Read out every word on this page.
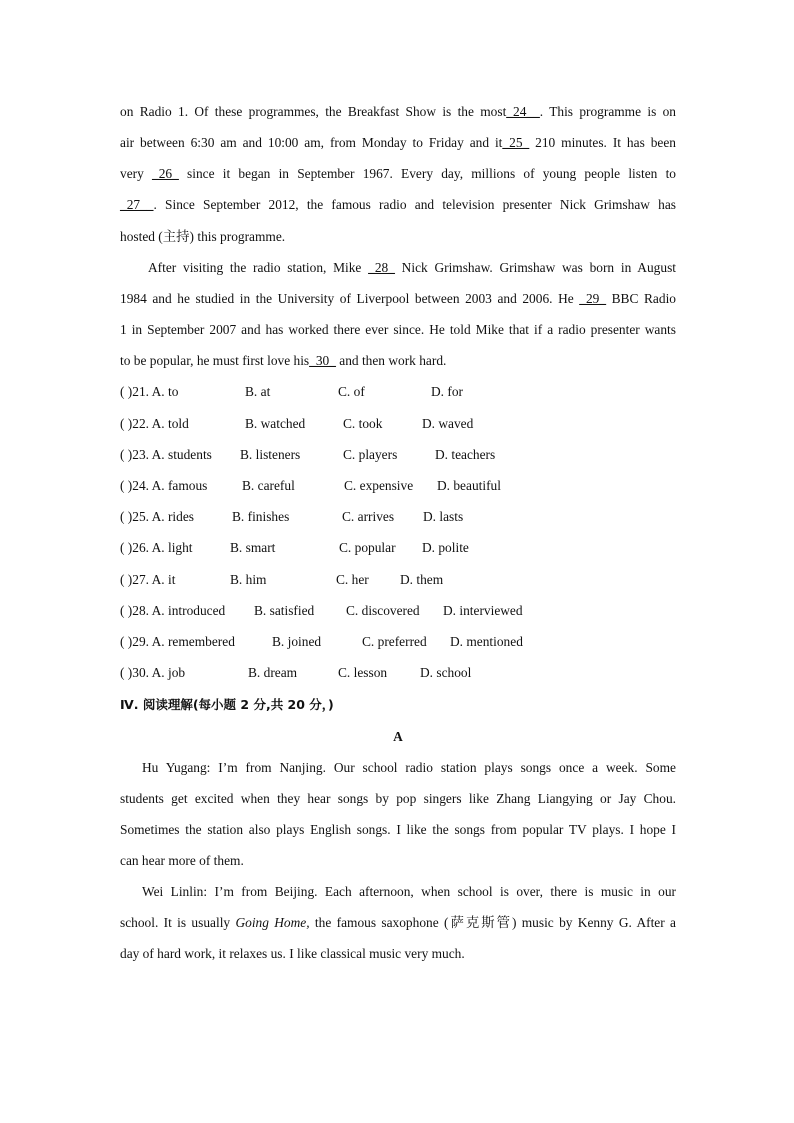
on Radio 1. Of these programmes, the Breakfast Show is the most_24__. This programme is on
air between 6:30 am and 10:00 am, from Monday to Friday and it_25_ 210 minutes. It has been
very _26_ since it began in September 1967. Every day, millions of young people listen to
_27__. Since September 2012, the famous radio and television presenter Nick Grimshaw has
hosted (主持) this programme.
After visiting the radio station, Mike _28_ Nick Grimshaw. Grimshaw was born in August
1984 and he studied in the University of Liverpool between 2003 and 2006. He _29_ BBC Radio
1 in September 2007 and has worked there ever since. He told Mike that if a radio presenter wants
to be popular, he must first love his_30_ and then work hard.
( )21. A. to	B. at	C. of	D. for
( )22. A. told	B. watched	C. took	D. waved
( )23. A. students B. listeners	C. players	D. teachers
( )24. A. famous	B. careful	C. expensive D. beautiful
( )25. A. rides	B. finishes	C. arrives D. lasts
( )26. A. light	B. smart	C. popular D. polite
( )27. A. it	B. him	C. her D. them
( )28. A. introduced B. satisfied C. discovered D. interviewed
( )29. A. remembered	B. joined	C. preferred D. mentioned
( )30. A. job	B. dream	C. lesson D. school
Ⅳ. 阅读理解(每小题 2 分,共 20 分，)
A
Hu Yugang: I’m from Nanjing. Our school radio station plays songs once a week. Some
students get excited when they hear songs by pop singers like Zhang Liangying or Jay Chou.
Sometimes the station also plays English songs. I like the songs from popular TV plays. I hope I
can hear more of them.
Wei Linlin: I’m from Beijing. Each afternoon, when school is over, there is music in our
school. It is usually Going Home, the famous saxophone (萨克斯管) music by Kenny G. After a
day of hard work, it relaxes us. I like classical music very much.
